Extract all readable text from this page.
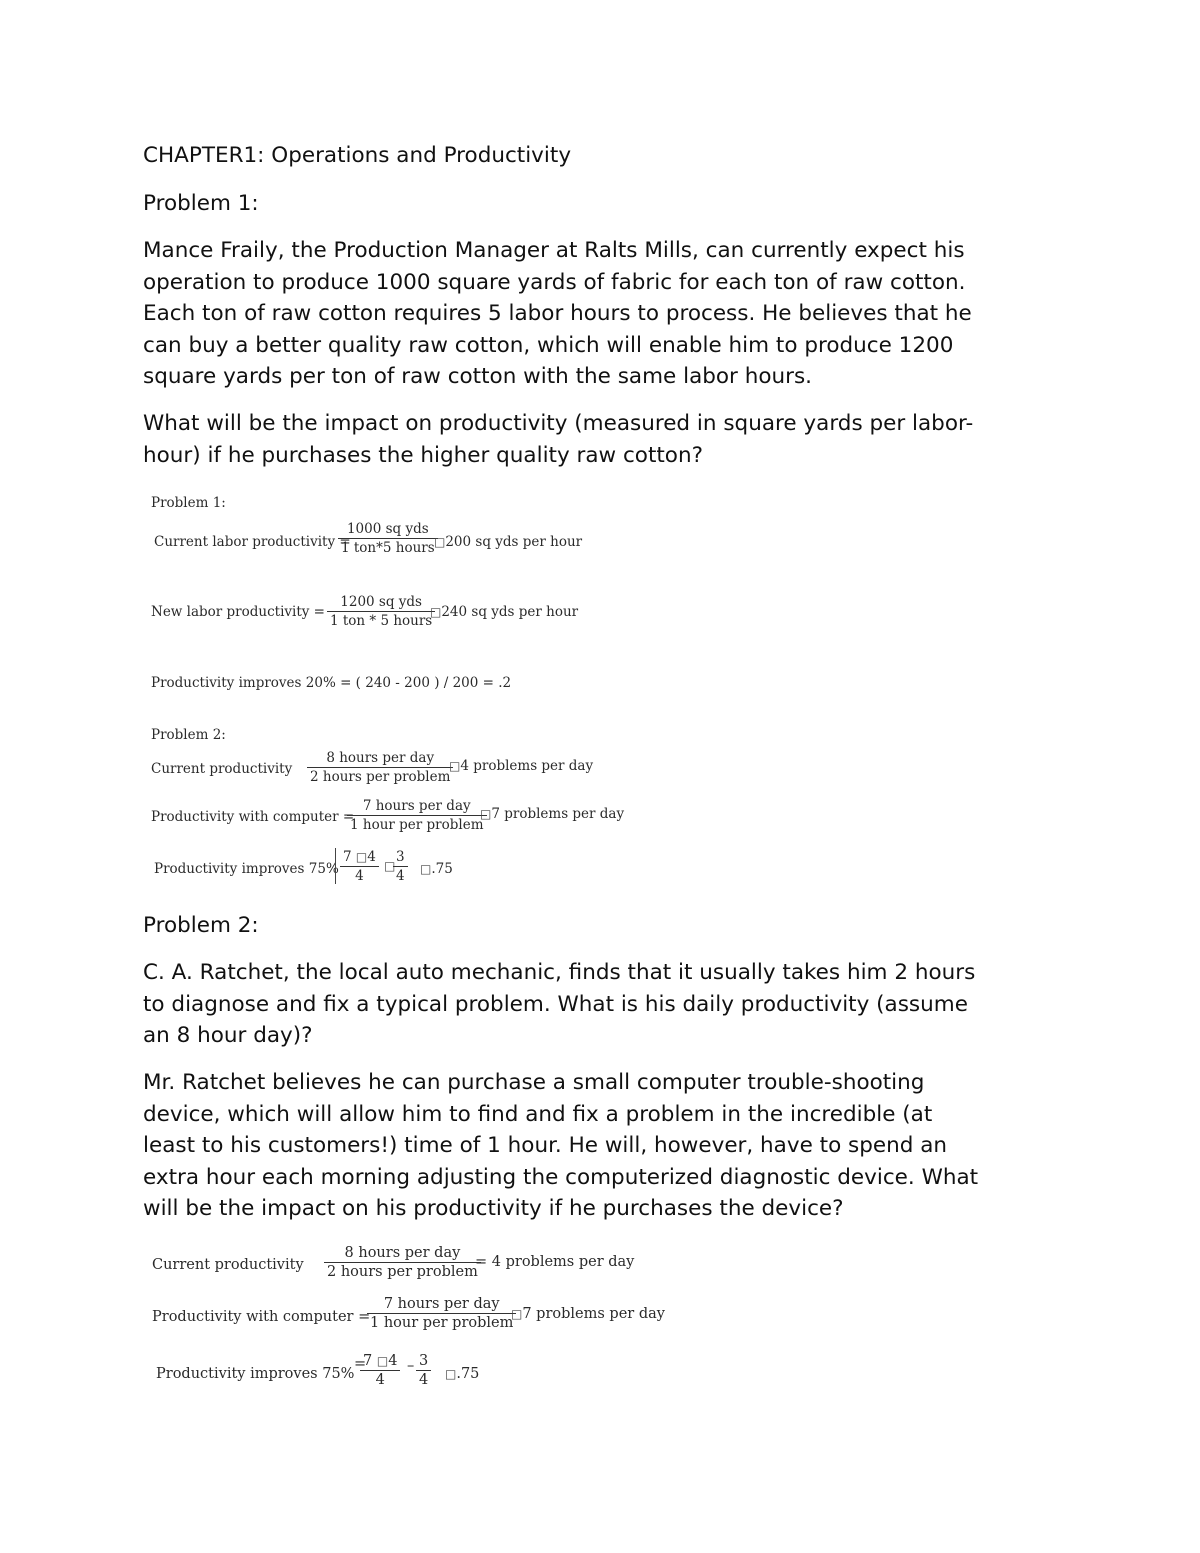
CHAPTER1: Operations and Productivity
Problem 1:
Mance Fraily, the Production Manager at Ralts Mills, can currently expect his
operation to produce 1000 square yards of fabric for each ton of raw cotton.
Each ton of raw cotton requires 5 labor hours to process. He believes that he
can buy a better quality raw cotton, which will enable him to produce 1200
square yards per ton of raw cotton with the same labor hours.
What will be the impact on productivity (measured in square yards per labor-
hour) if he purchases the higher quality raw cotton?
Problem 1:
Current labor productivity =
1000 sq yds
1 ton*5 hours □200 sq yds per hour
New labor productivity =
1200 sq yds
1 ton * 5 hours
□240 sq yds per hour
Productivity improves 20% = ( 240 - 200 ) / 200 = .2
Problem 2:
Current productivity
8 hours per day
2 hours per problem
□4 problems per day
Productivity with computer =
7 hours per day
1 hour per problem
□7 problems per day
Productivity improves $75\% \frac{7 □4}{4}$ □
$\frac{3}{4}$ □.75
Problem 2:
C. A. Ratchet, the local auto mechanic, finds that it usually takes him 2 hours
to diagnose and fix a typical problem. What is his daily productivity (assume
an 8 hour day)?
Mr. Ratchet believes he can purchase a small computer trouble-shooting
device, which will allow him to find and fix a problem in the incredible (at
least to his customers!) time of 1 hour. He will, however, have to spend an
extra hour each morning adjusting the computerized diagnostic device. What
will be the impact on his productivity if he purchases the device?
Current productivity
8 hours per day
2 hours per problem
= 4 problems per day
Productivity with computer =
7 hours per day
1 hour per problem
□7 problems per day
Productivity improves 75%
=
$\frac{7 □4}{4} - \frac{3}{4}$ □.75
